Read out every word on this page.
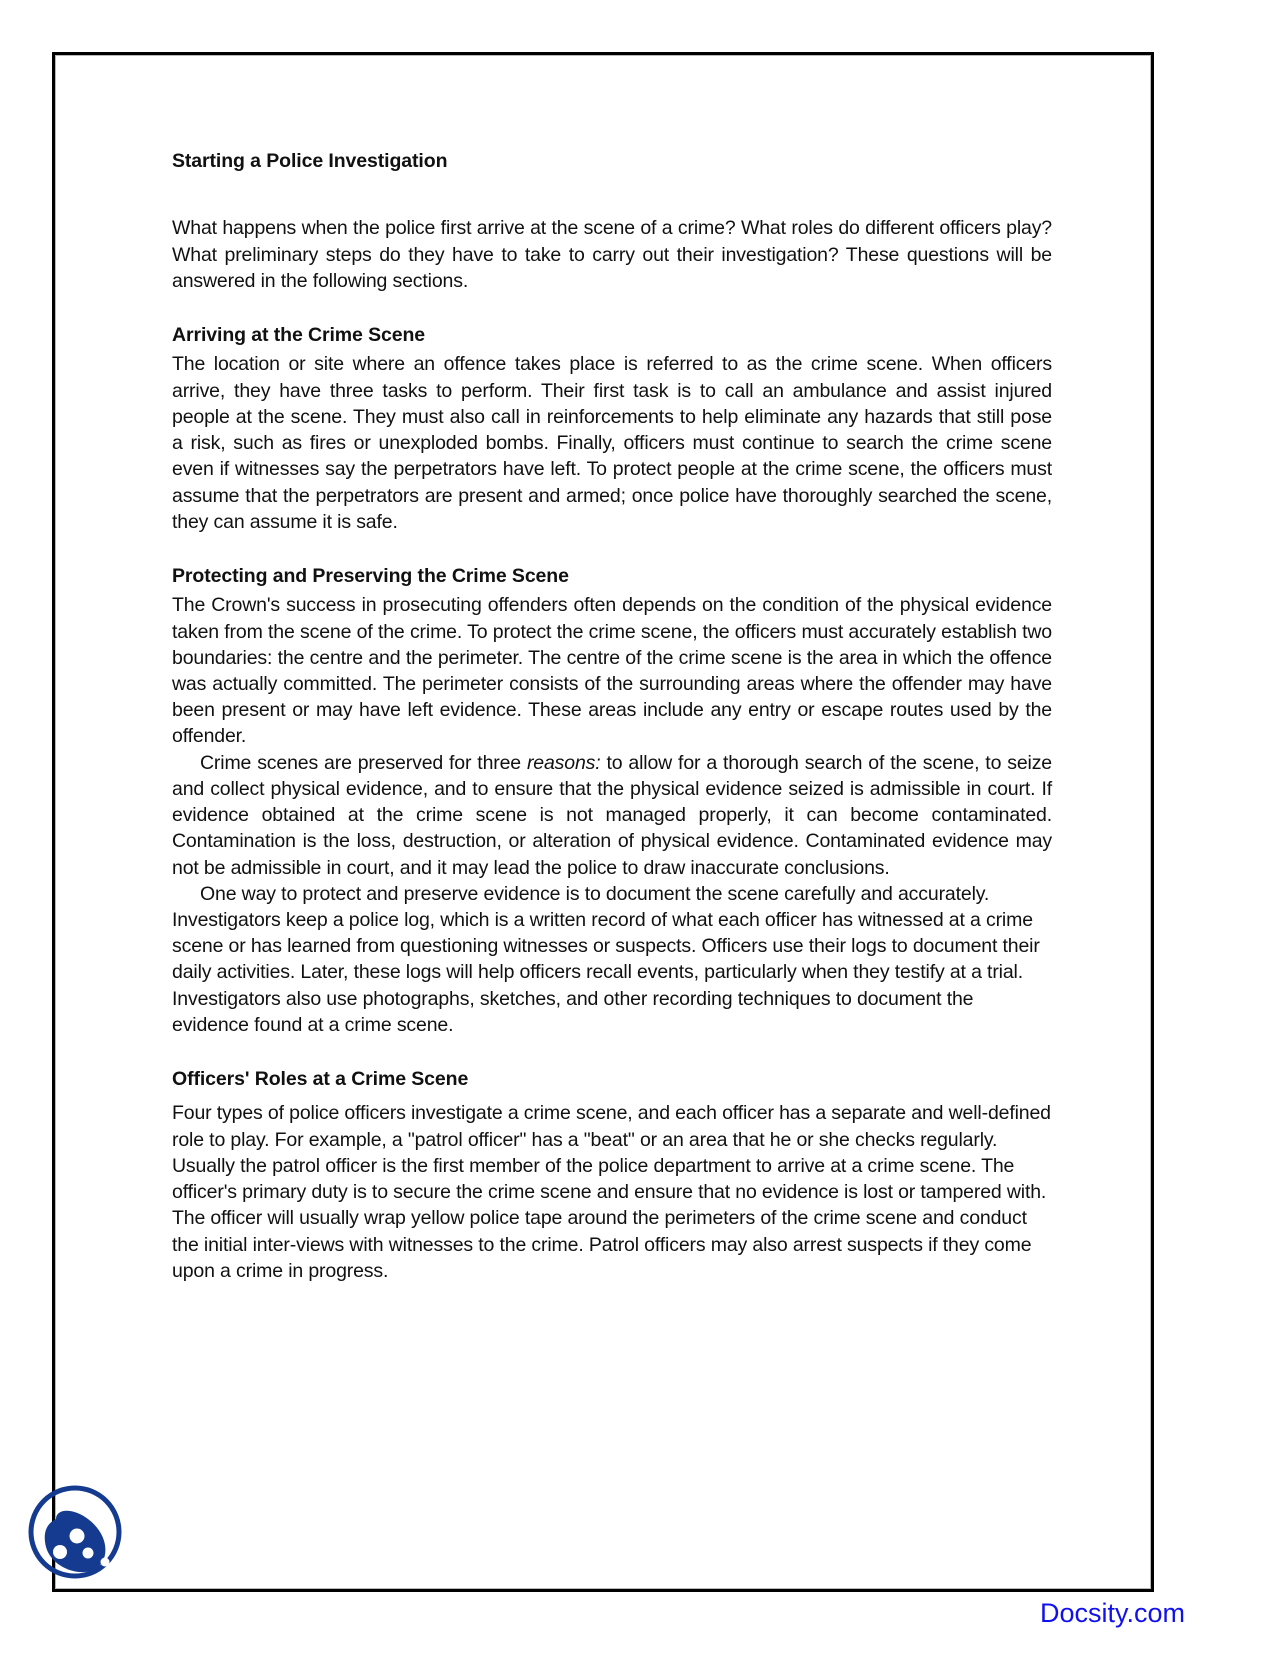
Starting a Police Investigation

What happens when the police first arrive at the scene of a crime? What roles do different officers play? What preliminary steps do they have to take to carry out their investigation? These questions will be answered in the following sections.

Arriving at the Crime Scene

The location or site where an offence takes place is referred to as the crime scene. When officers arrive, they have three tasks to perform. Their first task is to call an ambulance and assist injured people at the scene. They must also call in reinforcements to help eliminate any hazards that still pose a risk, such as fires or unexploded bombs. Finally, officers must continue to search the crime scene even if witnesses say the perpetrators have left. To protect people at the crime scene, the officers must assume that the perpetrators are present and armed; once police have thoroughly searched the scene, they can assume it is safe.

Protecting and Preserving the Crime Scene

The Crown's success in prosecuting offenders often depends on the condition of the physical evidence taken from the scene of the crime. To protect the crime scene, the officers must accurately establish two boundaries: the centre and the perimeter. The centre of the crime scene is the area in which the offence was actually committed. The perimeter consists of the surrounding areas where the offender may have been present or may have left evidence. These areas include any entry or escape routes used by the offender.

Crime scenes are preserved for three reasons: to allow for a thorough search of the scene, to seize and collect physical evidence, and to ensure that the physical evidence seized is admissible in court. If evidence obtained at the crime scene is not managed properly, it can become contaminated. Contamination is the loss, destruction, or alteration of physical evidence. Contaminated evidence may not be admissible in court, and it may lead the police to draw inaccurate conclusions.

One way to protect and preserve evidence is to document the scene carefully and accurately. Investigators keep a police log, which is a written record of what each officer has witnessed at a crime scene or has learned from questioning witnesses or suspects. Officers use their logs to document their daily activities. Later, these logs will help officers recall events, particularly when they testify at a trial. Investigators also use photographs, sketches, and other recording techniques to document the evidence found at a crime scene.

Officers' Roles at a Crime Scene

Four types of police officers investigate a crime scene, and each officer has a separate and well-defined role to play. For example, a "patrol officer" has a "beat" or an area that he or she checks regularly. Usually the patrol officer is the first member of the police department to arrive at a crime scene. The officer's primary duty is to secure the crime scene and ensure that no evidence is lost or tampered with. The officer will usually wrap yellow police tape around the perimeters of the crime scene and conduct the initial inter-views with witnesses to the crime. Patrol officers may also arrest suspects if they come upon a crime in progress.

Docsity.com
